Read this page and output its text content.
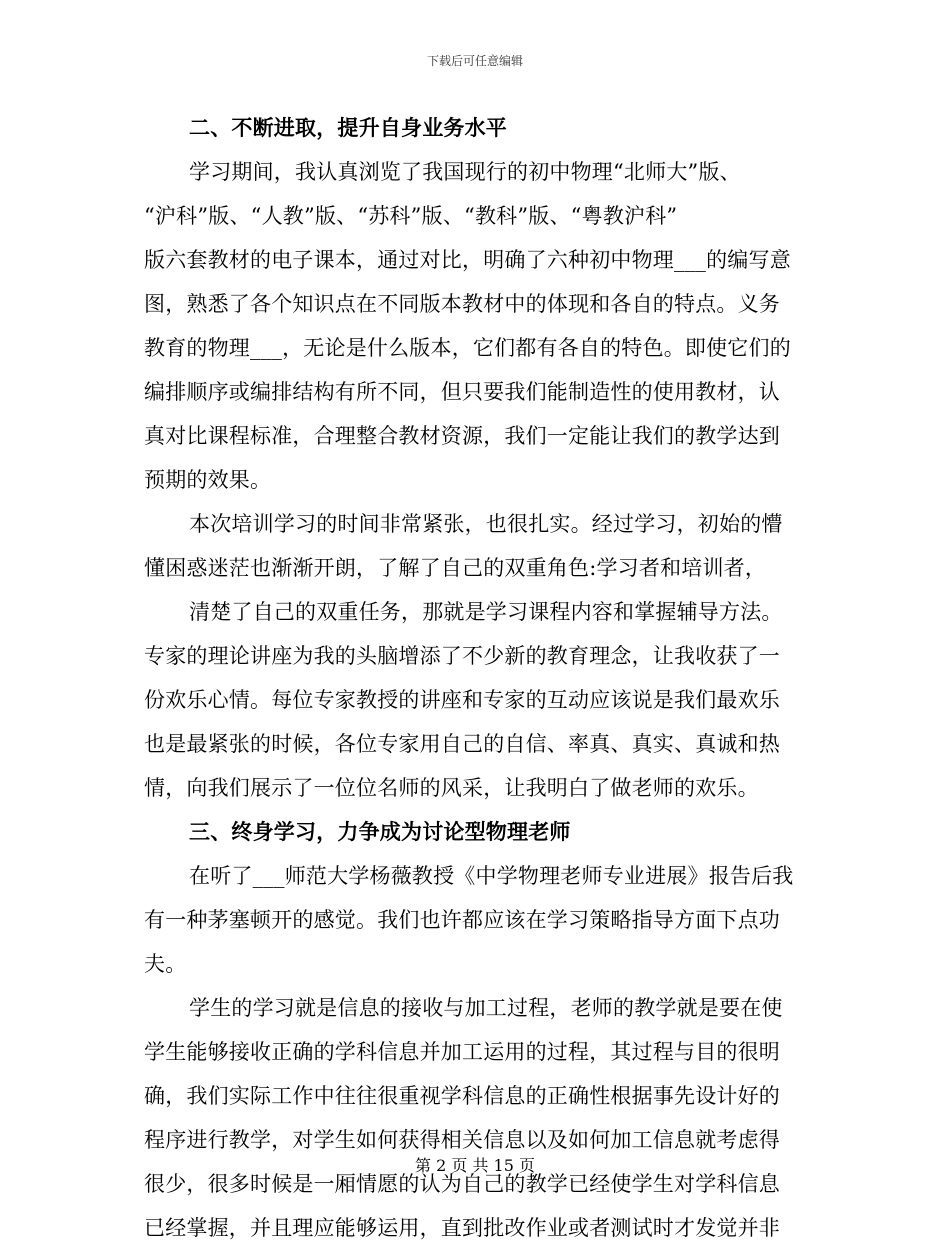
下载后可任意编辑
二、不断进取，提升自身业务水平
学习期间，我认真浏览了我国现行的初中物理“北师大”版、
“沪科”版、“人教”版、“苏科”版、“教科”版、“粤教沪科”
版六套教材的电子课本，通过对比，明确了六种初中物理___的编写意
图，熟悉了各个知识点在不同版本教材中的体现和各自的特点。义务
教育的物理___，无论是什么版本，它们都有各自的特色。即使它们的
编排顺序或编排结构有所不同，但只要我们能制造性的使用教材，认
真对比课程标准，合理整合教材资源，我们一定能让我们的教学达到
预期的效果。
本次培训学习的时间非常紧张，也很扎实。经过学习，初始的懵
懂困惑迷茫也渐渐开朗，了解了自己的双重角色:学习者和培训者，
清楚了自己的双重任务，那就是学习课程内容和掌握辅导方法。
专家的理论讲座为我的头脑增添了不少新的教育理念，让我收获了一
份欢乐心情。每位专家教授的讲座和专家的互动应该说是我们最欢乐
也是最紧张的时候，各位专家用自己的自信、率真、真实、真诚和热
情，向我们展示了一位位名师的风采，让我明白了做老师的欢乐。
三、终身学习，力争成为讨论型物理老师
在听了___师范大学杨薇教授《中学物理老师专业进展》报告后我
有一种茅塞顿开的感觉。我们也许都应该在学习策略指导方面下点功
夫。
学生的学习就是信息的接收与加工过程，老师的教学就是要在使
学生能够接收正确的学科信息并加工运用的过程，其过程与目的很明
确，我们实际工作中往往很重视学科信息的正确性根据事先设计好的
程序进行教学，对学生如何获得相关信息以及如何加工信息就考虑得
很少，很多时候是一厢情愿的认为自己的教学已经使学生对学科信息
已经掌握，并且理应能够运用，直到批改作业或者测试时才发觉并非
第 2 页 共 15 页
